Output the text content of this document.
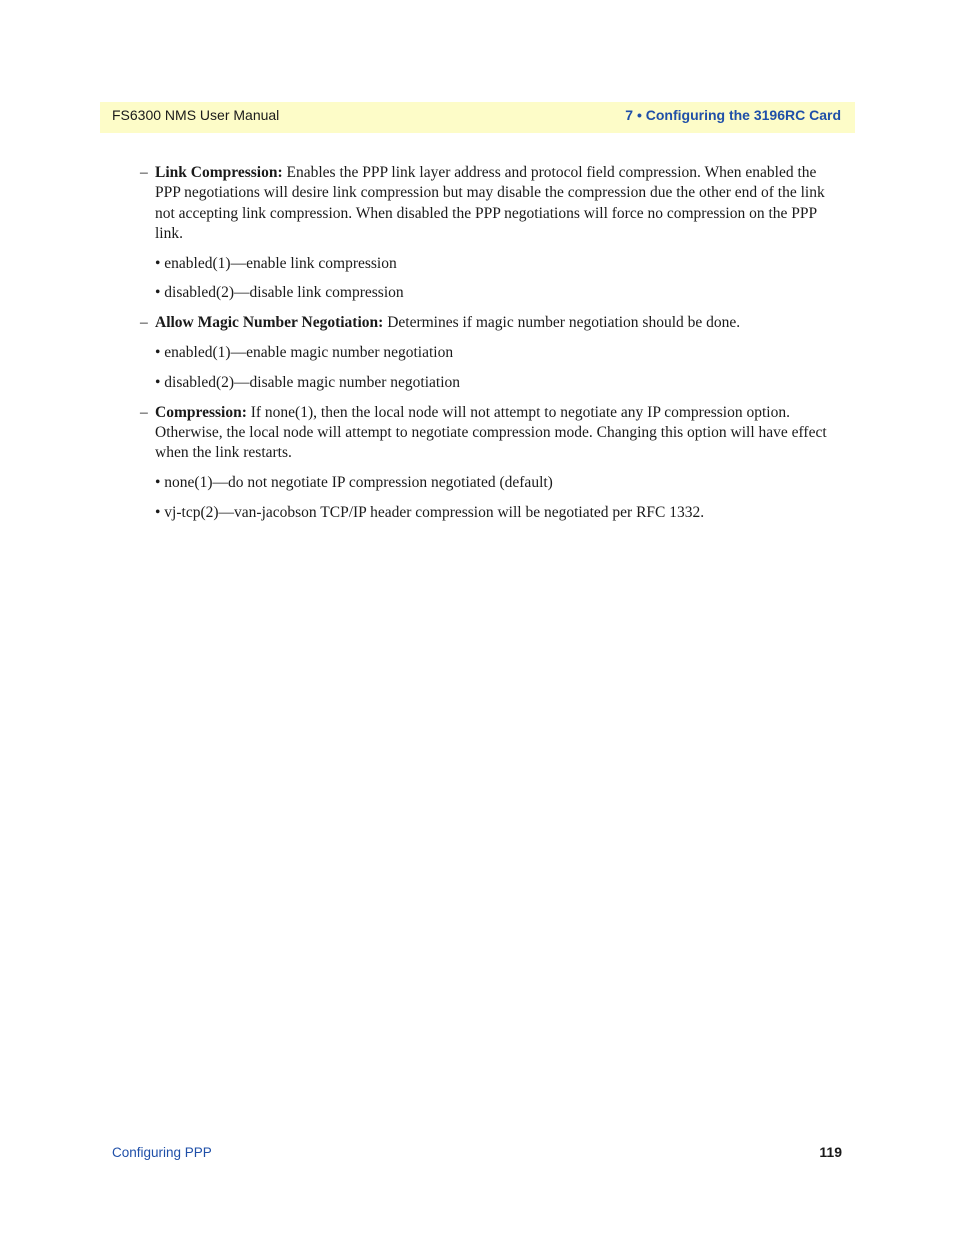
FS6300 NMS User Manual	7 • Configuring the 3196RC Card
– Link Compression: Enables the PPP link layer address and protocol field compression. When enabled the PPP negotiations will desire link compression but may disable the compression due the other end of the link not accepting link compression. When disabled the PPP negotiations will force no compression on the PPP link.
• enabled(1)—enable link compression
• disabled(2)—disable link compression
– Allow Magic Number Negotiation: Determines if magic number negotiation should be done.
• enabled(1)—enable magic number negotiation
• disabled(2)—disable magic number negotiation
– Compression: If none(1), then the local node will not attempt to negotiate any IP compression option. Otherwise, the local node will attempt to negotiate compression mode. Changing this option will have effect when the link restarts.
• none(1)—do not negotiate IP compression negotiated (default)
• vj-tcp(2)—van-jacobson TCP/IP header compression will be negotiated per RFC 1332.
Configuring PPP	119
